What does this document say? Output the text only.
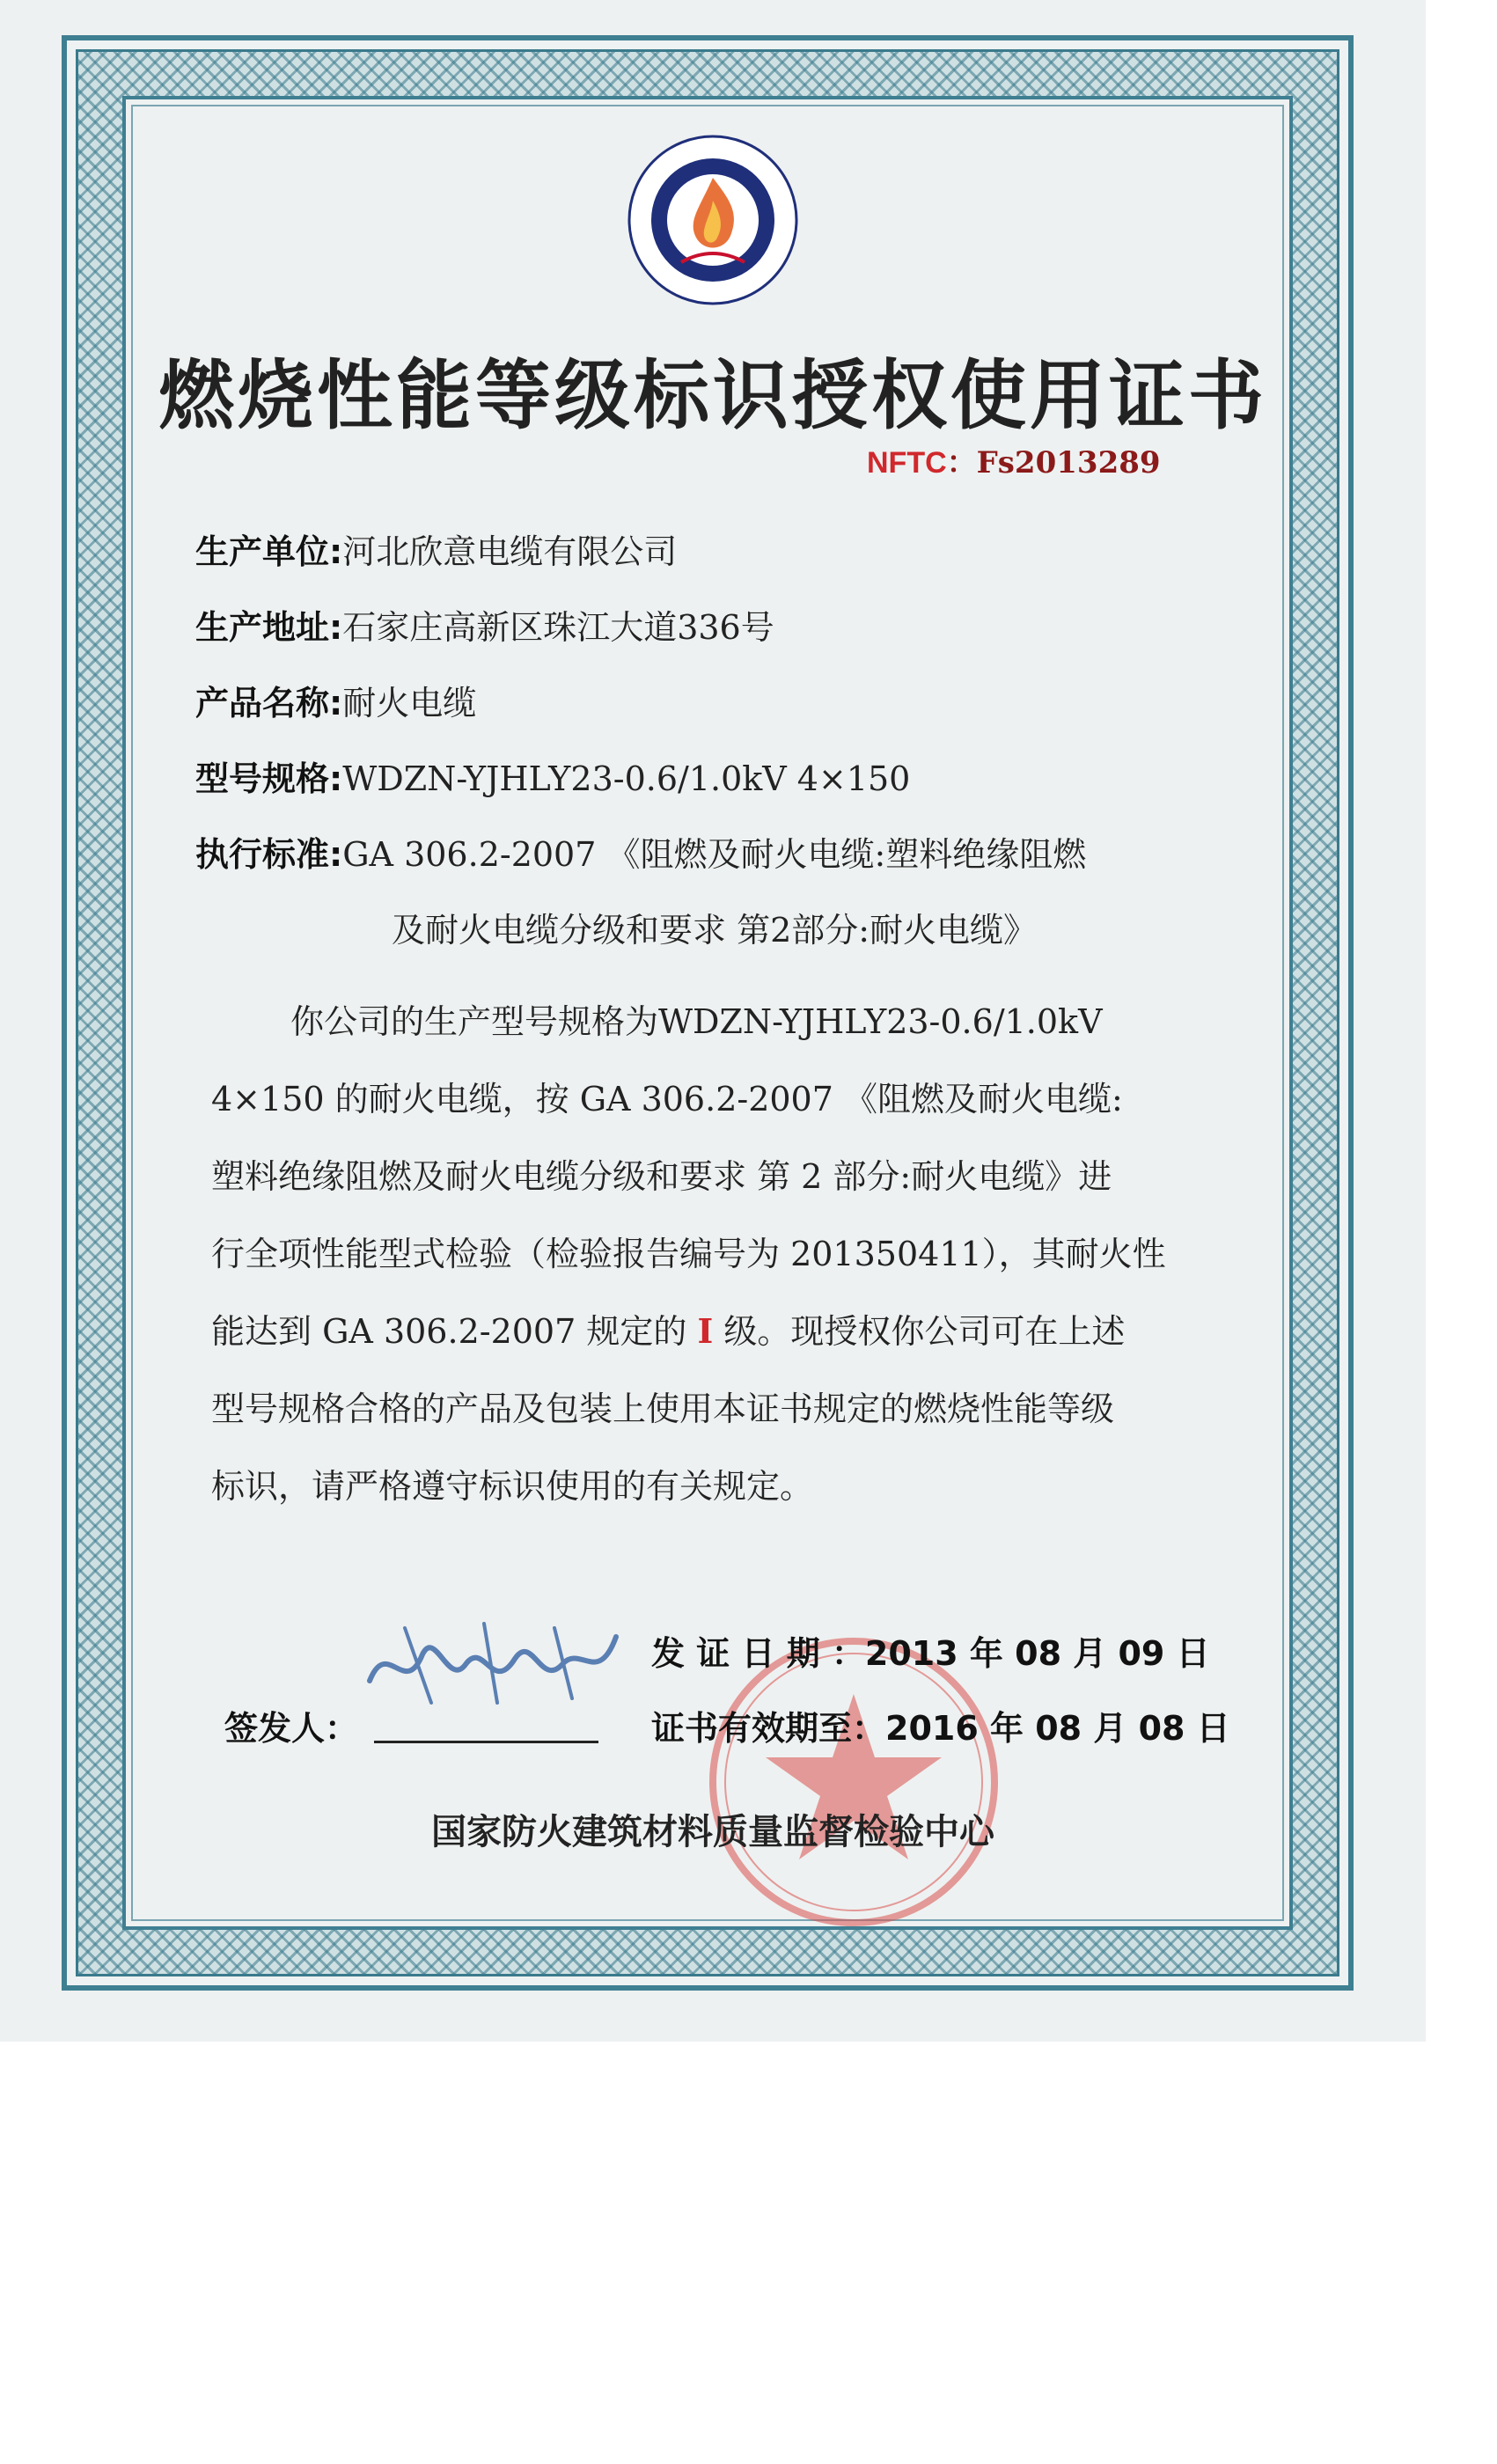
燃烧性能等级标识授权使用证书
NFTC：Fs2013289
生产单位:河北欣意电缆有限公司
生产地址:石家庄高新区珠江大道336号
产品名称:耐火电缆
型号规格:WDZN-YJHLY23-0.6/1.0kV 4×150
执行标准:GA 306.2-2007 《阻燃及耐火电缆:塑料绝缘阻燃
及耐火电缆分级和要求 第2部分:耐火电缆》
你公司的生产型号规格为WDZN-YJHLY23-0.6/1.0kV
4×150 的耐火电缆，按 GA 306.2-2007 《阻燃及耐火电缆:
塑料绝缘阻燃及耐火电缆分级和要求 第 2 部分:耐火电缆》进
行全项性能型式检验（检验报告编号为 201350411），其耐火性
能达到 GA 306.2-2007 规定的 I 级。现授权你公司可在上述
型号规格合格的产品及包装上使用本证书规定的燃烧性能等级
标识，请严格遵守标识使用的有关规定。
发 证 日 期 ：2013 年 08 月 09 日
证书有效期至：2016 年 08 月 08 日
签发人：
国家防火建筑材料质量监督检验中心
